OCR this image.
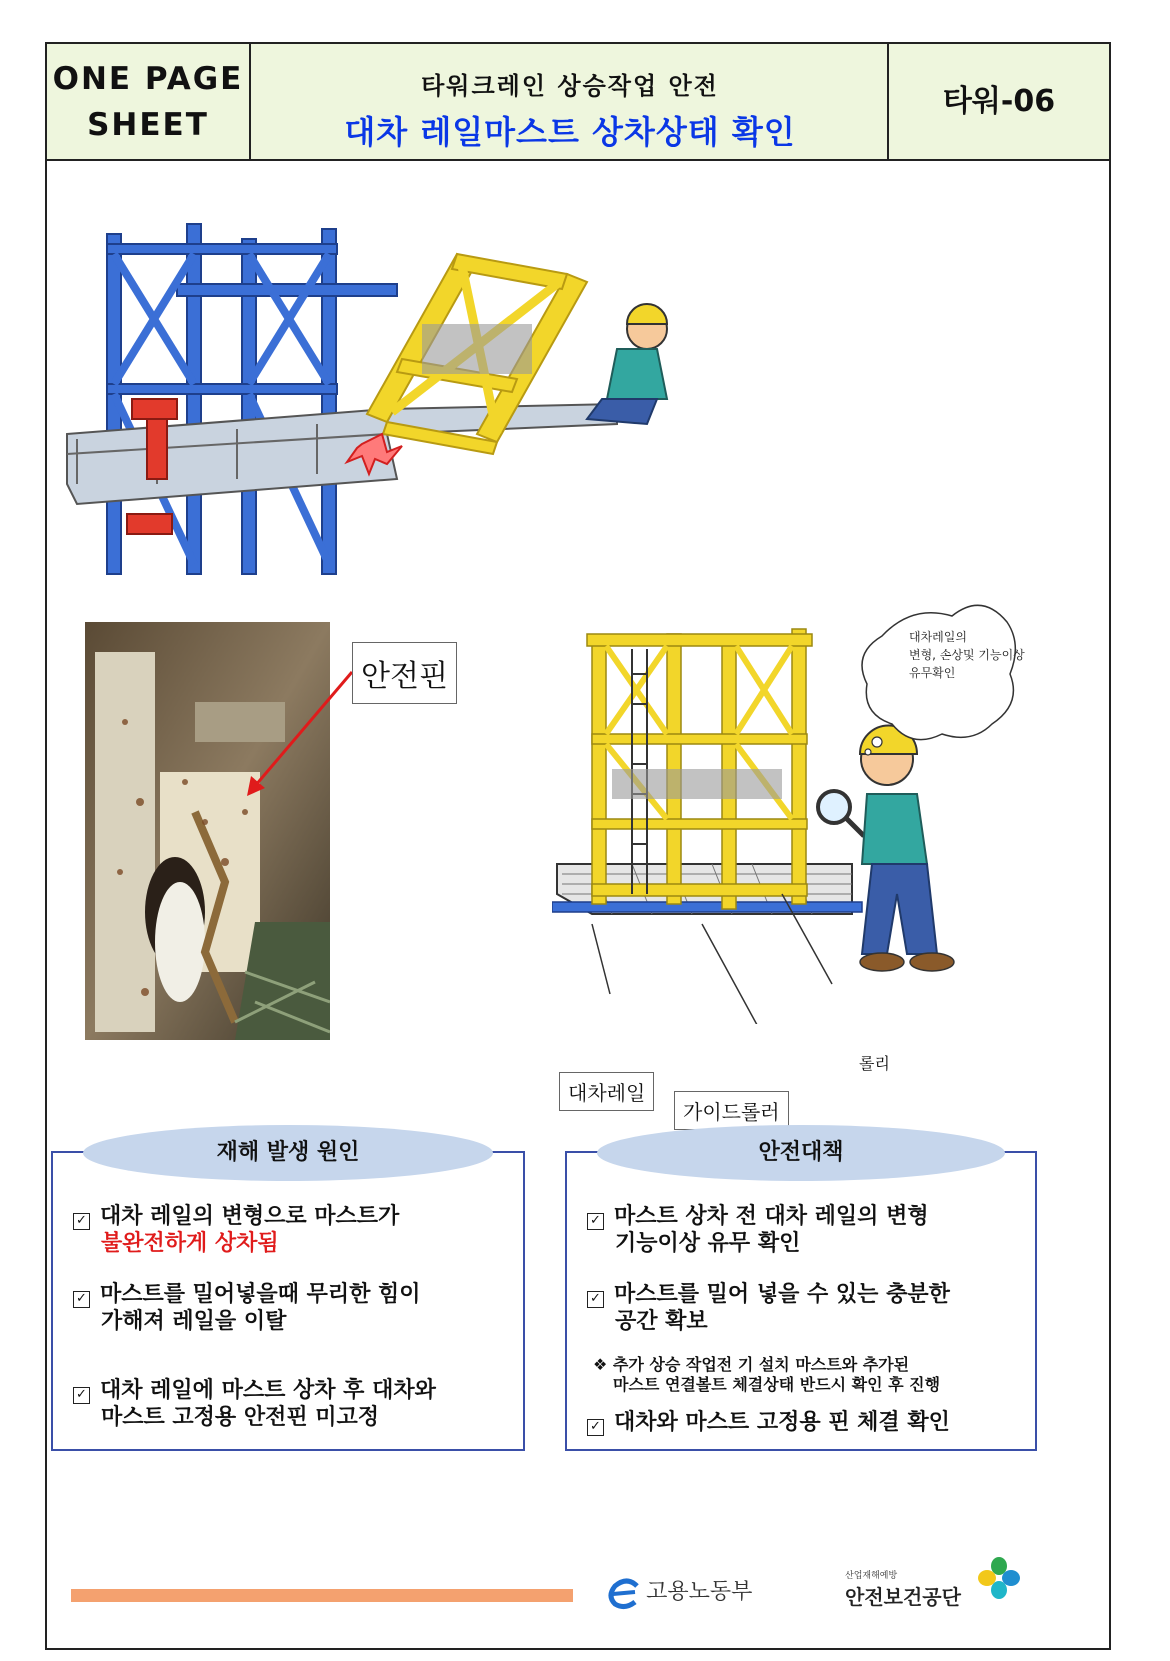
ONE PAGE
SHEET
타워크레인 상승작업 안전
대차 레일마스트 상차상태 확인
타워-06
안전핀
대차레일의
변형, 손상및 기능이상
유무확인
롤리
대차레일
가이드롤러
재해 발생 원인
✓ 대차 레일의 변형으로 마스트가
불완전하게 상차됨
✓ 마스트를 밀어넣을때 무리한 힘이
가해져 레일을 이탈
✓ 대차 레일에 마스트 상차 후 대차와
마스트 고정용 안전핀 미고정
안전대책
✓ 마스트 상차 전 대차 레일의 변형
기능이상 유무 확인
✓ 마스트를 밀어 넣을 수 있는 충분한
공간 확보
❖ 추가 상승 작업전 기 설치 마스트와 추가된
마스트 연결볼트 체결상태 반드시 확인 후 진행
✓ 대차와 마스트 고정용 핀 체결 확인
고용노동부
산업재해예방
안전보건공단
